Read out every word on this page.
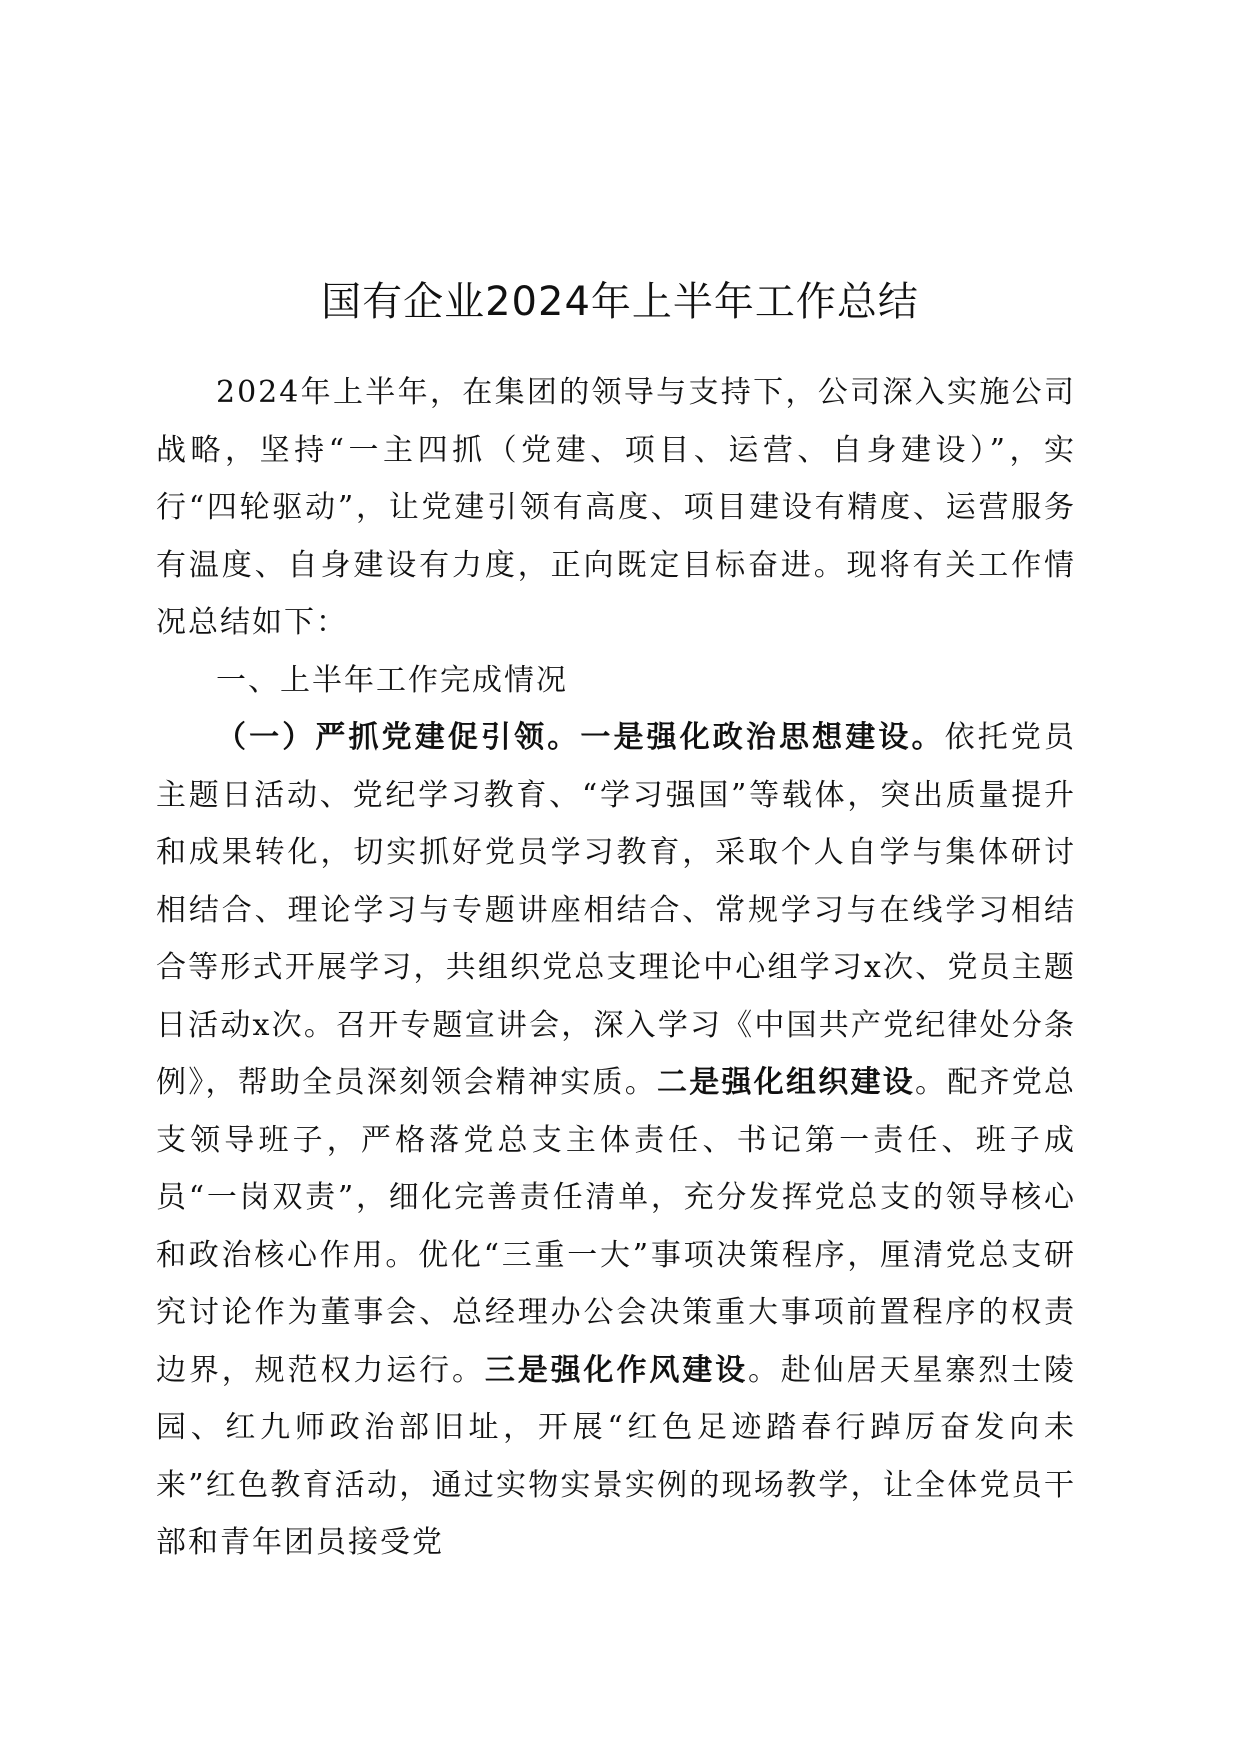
国有企业2024年上半年工作总结

2024年上半年，在集团的领导与支持下，公司深入实施公司战略，坚持“一主四抓（党建、项目、运营、自身建设）”，实行“四轮驱动”，让党建引领有高度、项目建设有精度、运营服务有温度、自身建设有力度，正向既定目标奋进。现将有关工作情况总结如下：

一、上半年工作完成情况

（一）严抓党建促引领。一是强化政治思想建设。依托党员主题日活动、党纪学习教育、“学习强国”等载体，突出质量提升和成果转化，切实抓好党员学习教育，采取个人自学与集体研讨相结合、理论学习与专题讲座相结合、常规学习与在线学习相结合等形式开展学习，共组织党总支理论中心组学习x次、党员主题日活动x次。召开专题宣讲会，深入学习《中国共产党纪律处分条例》，帮助全员深刻领会精神实质。二是强化组织建设。配齐党总支领导班子，严格落党总支主体责任、书记第一责任、班子成员“一岗双责”，细化完善责任清单，充分发挥党总支的领导核心和政治核心作用。优化“三重一大”事项决策程序，厘清党总支研究讨论作为董事会、总经理办公会决策重大事项前置程序的权责边界，规范权力运行。三是强化作风建设。赴仙居天星寨烈士陵园、红九师政治部旧址，开展“红色足迹踏春行踔厉奋发向未来”红色教育活动，通过实物实景实例的现场教学，让全体党员干部和青年团员接受党
